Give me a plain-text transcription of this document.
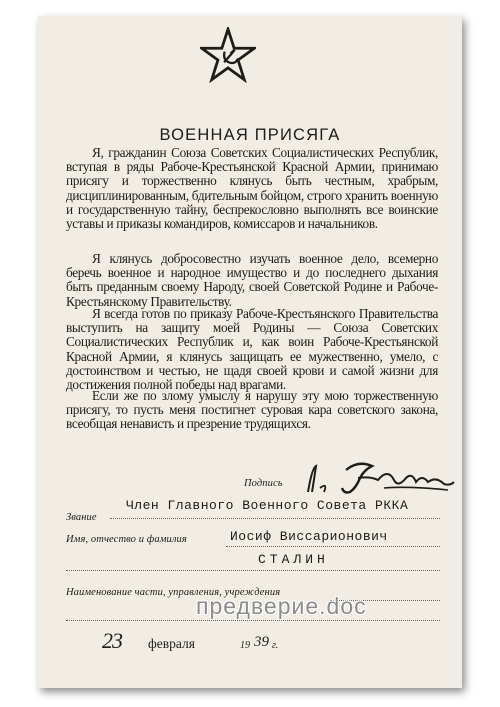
ВОЕННАЯ ПРИСЯГА

Я, гражданин Союза Советских Социалистических Республик, вступая в ряды Рабоче-Крестьянской Красной Армии, принимаю присягу и торжественно клянусь быть честным, храбрым, дисциплинированным, бдительным бойцом, строго хранить военную и государственную тайну, беспрекословно выполнять все воинские уставы и приказы командиров, комиссаров и начальников.

Я клянусь добросовестно изучать военное дело, всемерно беречь военное и народное имущество и до последнего дыхания быть преданным своему Народу, своей Советской Родине и Рабоче-Крестьянскому Правительству.

Я всегда готов по приказу Рабоче-Крестьянского Правительства выступить на защиту моей Родины — Союза Советских Социалистических Республик и, как воин Рабоче-Крестьянской Красной Армии, я клянусь защищать ее мужественно, умело, с достоинством и честью, не щадя своей крови и самой жизни для достижения полной победы над врагами.

Если же по злому умыслу я нарушу эту мою торжественную присягу, то пусть меня постигнет суровая кара советского закона, всеобщая ненависть и презрение трудящихся.

Подпись
Звание
Член Главного Военного Совета РККА
Имя, отчество и фамилия	Иосиф Виссарионович
СТАЛИН
Наименование части, управления, учреждения
23 февраля	19 39 г.
предверие.doc
